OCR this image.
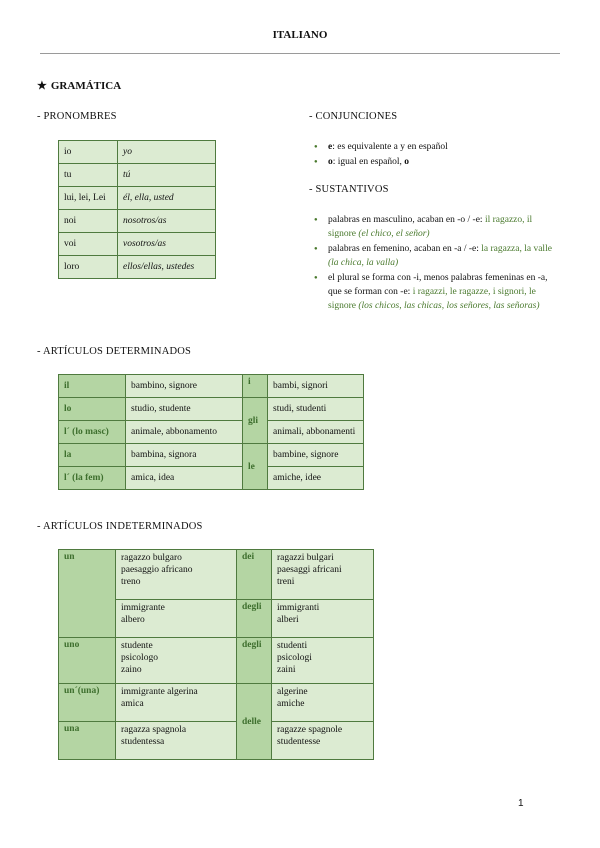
ITALIANO
★ GRAMÁTICA
- PRONOMBRES
io	yo
tu	tú
lui, lei, Lei	él, ella, usted
noi	nosotros/as
voi	vosotros/as
loro	ellos/ellas, ustedes
- CONJUNCIONES
● e: es equivalente a y en español
● o: igual en español, o
- SUSTANTIVOS
● palabras en masculino, acaban en -o / -e: il ragazzo, il signore (el chico, el señor)
● palabras en femenino, acaban en -a / -e: la ragazza, la valle (la chica, la valla)
● el plural se forma con -i, menos palabras femeninas en -a, que se forman con -e: i ragazzi, le ragazze, i signori, le signore (los chicos, las chicas, los señores, las señoras)
- ARTÍCULOS DETERMINADOS
il	bambino, signore	i	bambi, signori
lo	studio, studente	gli	studi, studenti
l´ (lo masc)	animale, abbonamento		animali, abbonamenti
la	bambina, signora	le	bambine, signore
l´ (la fem)	amica, idea		amiche, idee
- ARTÍCULOS INDETERMINADOS
un	ragazzo bulgaro
paesaggio africano
treno	dei	ragazzi bulgari
paesaggi africani
treni

	immigrante
albero	degli	immigranti
alberi

uno	studente
psicologo
zaino	degli	studenti
psicologi
zaini

un´(una)	immigrante algerina
amica	delle	algerine
amiche

una	ragazza spagnola
studentessa		ragazze spagnole
studentesse
1
